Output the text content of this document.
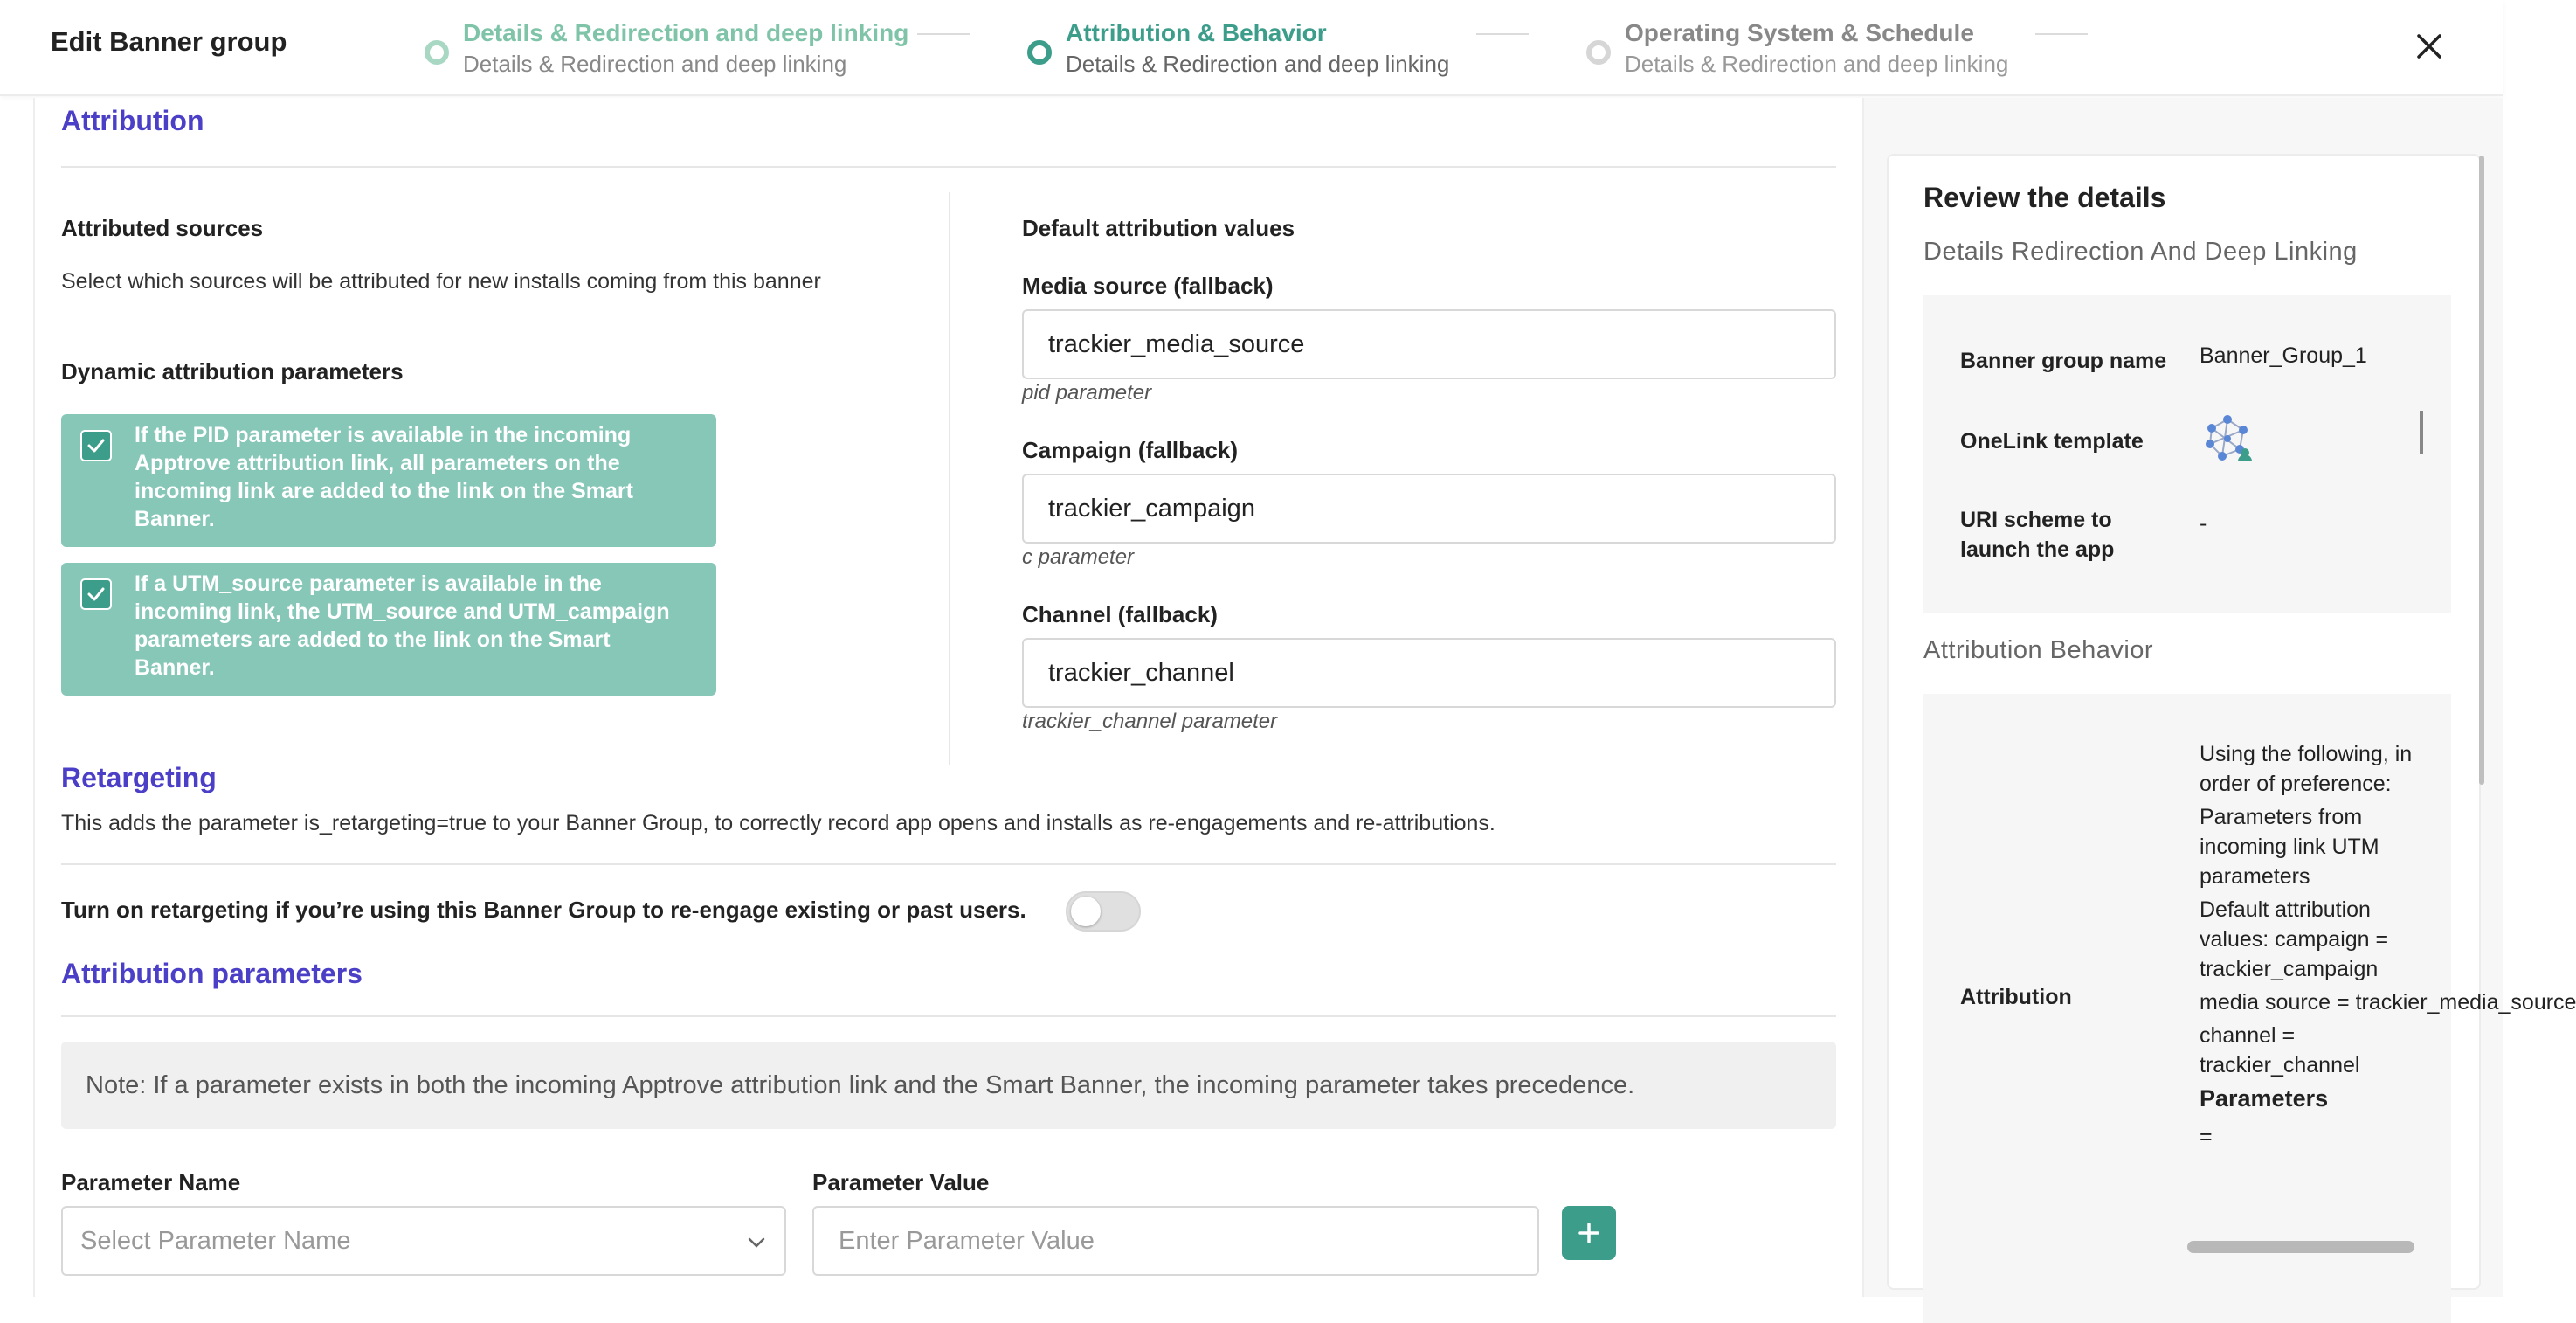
Edit Banner group	Details & Redirection and deep linking
Details & Redirection and deep linking
Attribution & Behavior
Details & Redirection and deep linking
Operating System & Schedule
Details & Redirection and deep linking
Attribution
Attributed sources
Select which sources will be attributed for new installs coming from this banner
Dynamic attribution parameters
If the PID parameter is available in the incoming Apptrove attribution link, all parameters on the incoming link are added to the link on the Smart Banner.
If a UTM_source parameter is available in the incoming link, the UTM_source and UTM_campaign parameters are added to the link on the Smart Banner.
Default attribution values
Media source (fallback)
trackier_media_source
pid parameter
Campaign (fallback)
trackier_campaign
c parameter
Channel (fallback)
trackier_channel
trackier_channel parameter
Retargeting
This adds the parameter is_retargeting=true to your Banner Group, to correctly record app opens and installs as re-engagements and re-attributions.
Turn on retargeting if you’re using this Banner Group to re-engage existing or past users.
Attribution parameters
Note: If a parameter exists in both the incoming Apptrove attribution link and the Smart Banner, the incoming parameter takes precedence.
Parameter Name
Select Parameter Name
Parameter Value
Enter Parameter Value
Review the details
Details Redirection And Deep Linking
Banner group name Banner_Group_1
OneLink template
URI scheme to launch the app
-
Attribution Behavior
Attribution

Using the following, in order of preference:

Parameters from incoming link UTM parameters

Default attribution values: campaign = trackier_campaign

media source = trackier_media_source

channel = trackier_channel

Parameters

=
